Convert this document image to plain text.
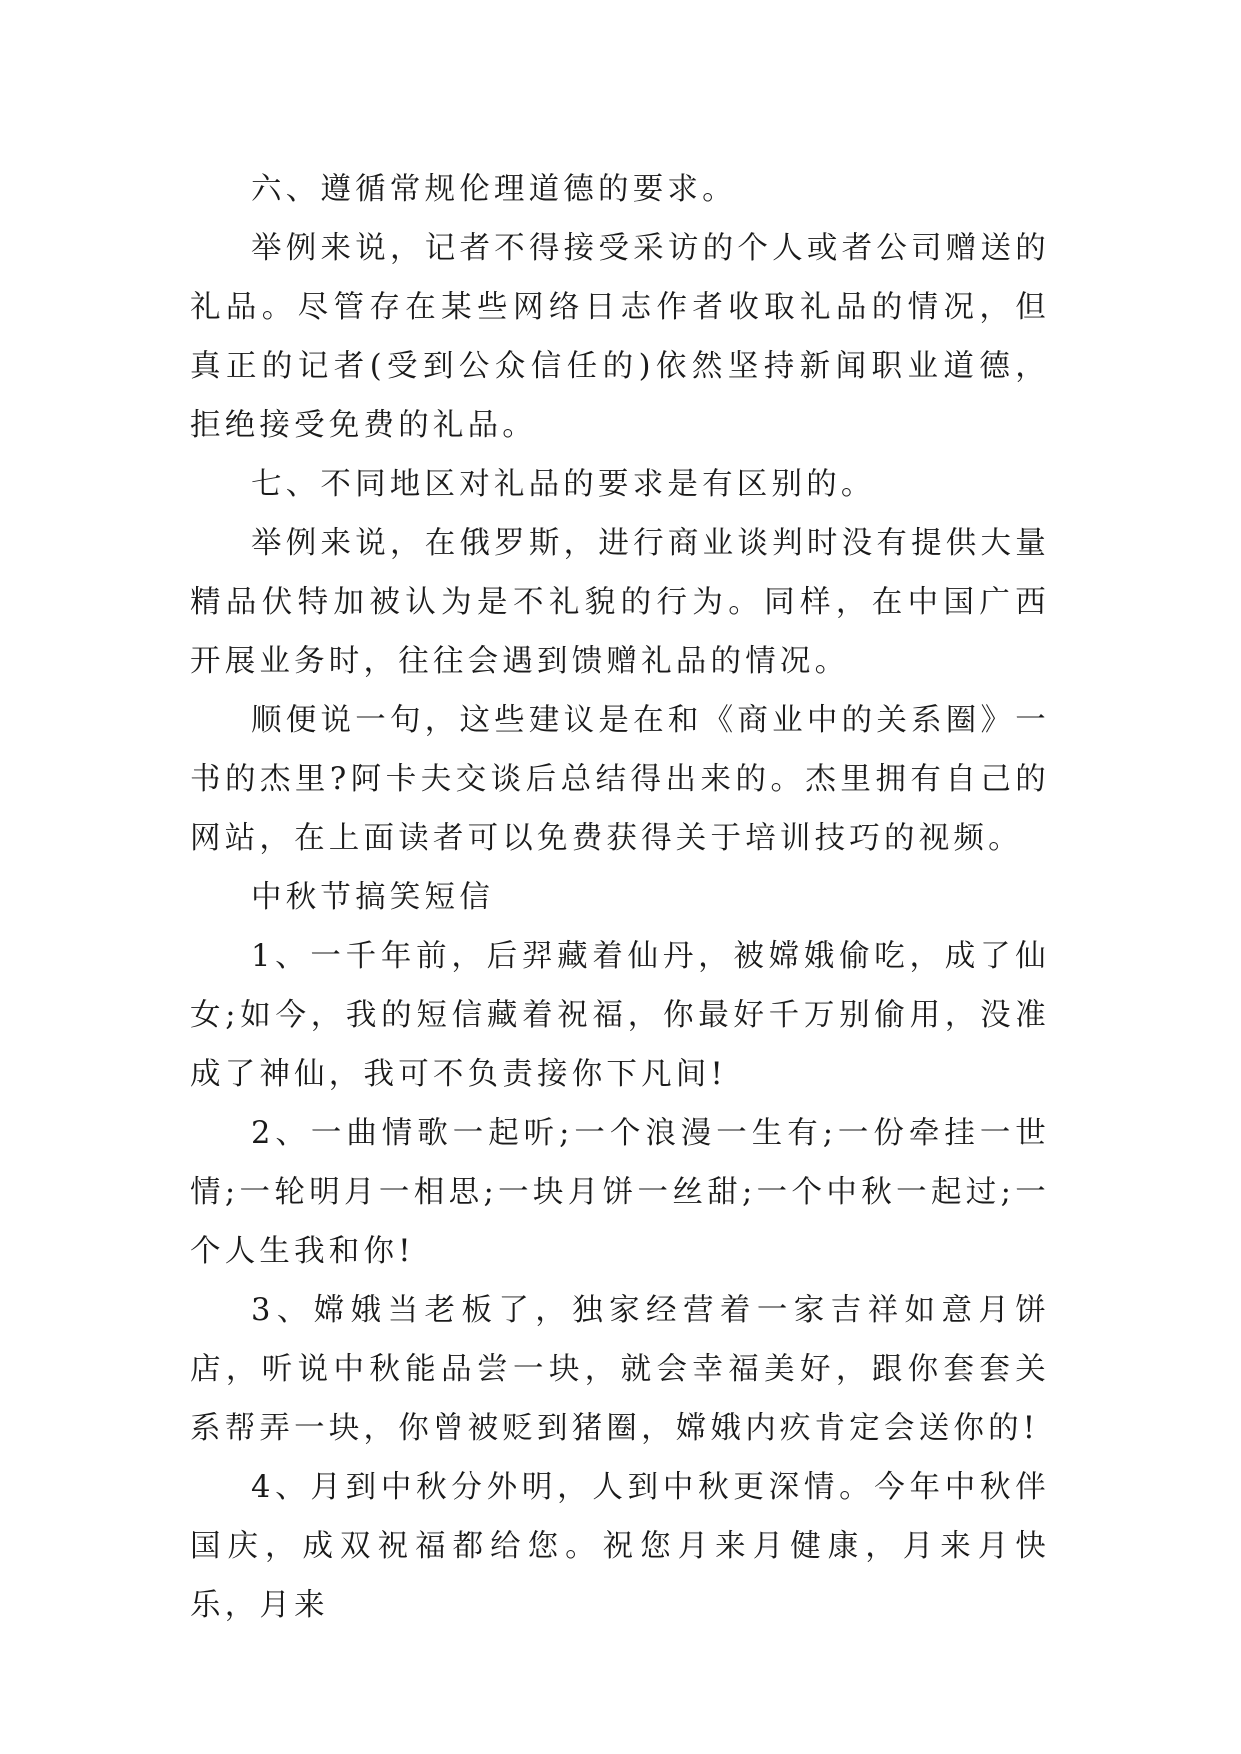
六、遵循常规伦理道德的要求。

举例来说，记者不得接受采访的个人或者公司赠送的礼品。尽管存在某些网络日志作者收取礼品的情况，但真正的记者(受到公众信任的)依然坚持新闻职业道德，拒绝接受免费的礼品。

七、不同地区对礼品的要求是有区别的。

举例来说，在俄罗斯，进行商业谈判时没有提供大量精品伏特加被认为是不礼貌的行为。同样，在中国广西开展业务时，往往会遇到馈赠礼品的情况。

顺便说一句，这些建议是在和《商业中的关系圈》一书的杰里?阿卡夫交谈后总结得出来的。杰里拥有自己的网站，在上面读者可以免费获得关于培训技巧的视频。

中秋节搞笑短信

1、一千年前，后羿藏着仙丹，被嫦娥偷吃，成了仙女;如今，我的短信藏着祝福，你最好千万别偷用，没准成了神仙，我可不负责接你下凡间!

2、一曲情歌一起听;一个浪漫一生有;一份牵挂一世情;一轮明月一相思;一块月饼一丝甜;一个中秋一起过;一个人生我和你!

3、嫦娥当老板了，独家经营着一家吉祥如意月饼店，听说中秋能品尝一块，就会幸福美好，跟你套套关系帮弄一块，你曾被贬到猪圈，嫦娥内疚肯定会送你的!

4、月到中秋分外明，人到中秋更深情。今年中秋伴国庆，成双祝福都给您。祝您月来月健康，月来月快乐，月来
